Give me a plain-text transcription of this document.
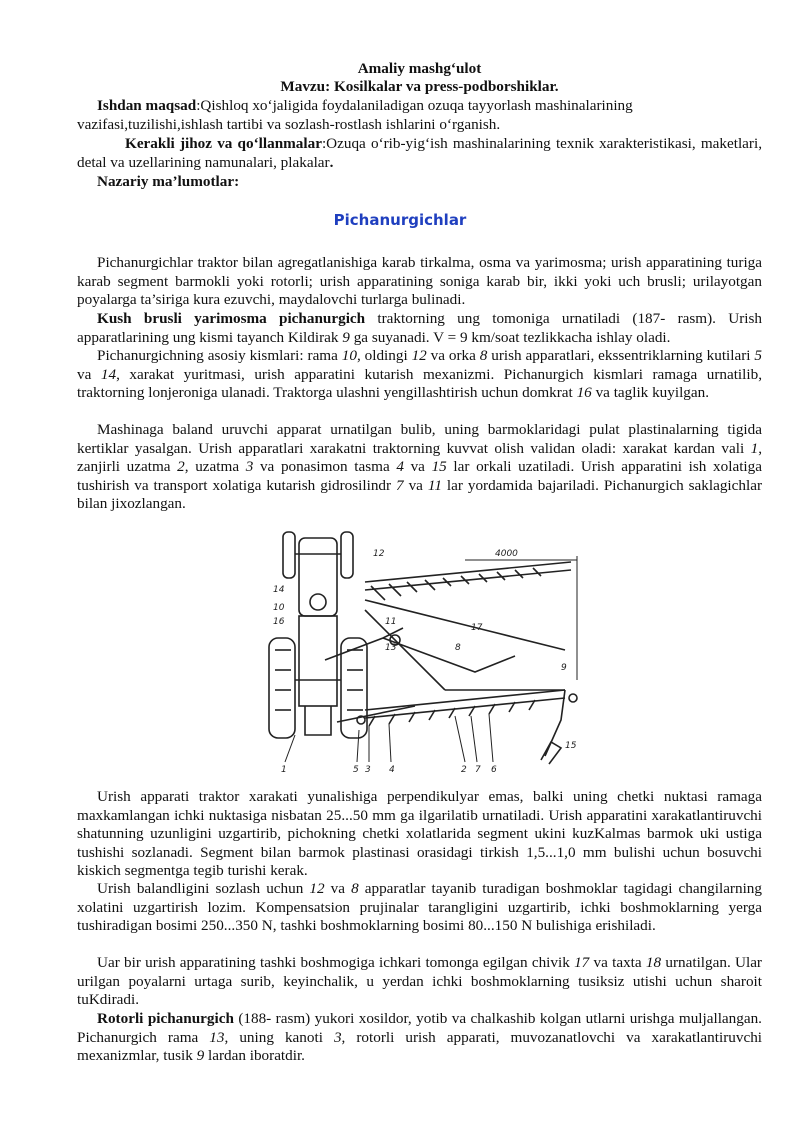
Amaliy mashg‘ulot
Mavzu: Kosilkalar va press-podborshiklar.
Ishdan maqsad:Qishloq xo‘jaligida foydalaniladigan ozuqa tayyorlash mashinalarining vazifasi,tuzilishi,ishlash tartibi va sozlash-rostlash ishlarini o‘rganish.
Kerakli jihoz va qo‘llanmalar:Ozuqa o‘rib-yig‘ish mashinalarining texnik xarakteristikasi, maketlari, detal va uzellarining namunalari, plakalar.
Nazariy ma’lumotlar:
Pichanurgichlar
Pichanurgichlar traktor bilan agregatlanishiga karab tirkalma, osma va yarimosma; urish apparatining turiga karab segment barmokli yoki rotorli; urish apparatining soniga karab bir, ikki yoki uch brusli; urilayotgan poyalarga ta’siriga kura ezuvchi, maydalovchi turlarga bulinadi.
Kush brusli yarimosma pichanurgich traktorning ung tomoniga urnatiladi (187- rasm). Urish apparatlarining ung kismi tayanch Kildirak 9 ga suyanadi. V = 9 km/soat tezlikkacha ishlay oladi.
Pichanurgichning asosiy kismlari: rama 10, oldingi 12 va orka 8 urish apparatlari, ekssentriklarning kutilari 5 va 14, xarakat yuritmasi, urish apparatini kutarish mexanizmi. Pichanurgich kismlari ramaga urnatilib, traktorning lonjeroniga ulanadi. Traktorga ulashni yengillashtirish uchun domkrat 16 va taglik kuyilgan.
Mashinaga baland uruvchi apparat urnatilgan bulib, uning barmoklaridagi pulat plastinalarning tigida kertiklar yasalgan. Urish apparatlari xarakatni traktorning kuvvat olish validan oladi: xarakat kardan vali 1, zanjirli uzatma 2, uzatma 3 va ponasimon tasma 4 va 15 lar orkali uzatiladi. Urish apparatini ish xolatiga tushirish va transport xolatiga kutarish gidrosilindr 7 va 11 lar yordamida bajariladi. Pichanurgich saklagichlar bilan jixozlangan.
12
14
10
16	11
17
13	8
9
15
1	5 3 4	2 7 6
4000
Urish apparati traktor xarakati yunalishiga perpendikulyar emas, balki uning chetki nuktasi ramaga maxkamlangan ichki nuktasiga nisbatan 25...50 mm ga ilgarilatib urnatiladi. Urish apparatini xarakatlantiruvchi shatunning uzunligini uzgartirib, pichokning chetki xolatlarida segment ukini kuzKalmas barmok uki ustiga tushishi sozlanadi. Segment bilan barmok plastinasi orasidagi tirkish 1,5...1,0 mm bulishi uchun bosuvchi kiskich segmentga tegib turishi kerak.
Urish balandligini sozlash uchun 12 va 8 apparatlar tayanib turadigan boshmoklar tagidagi changilarning xolatini uzgartirish lozim. Kompensatsion prujinalar tarangligini uzgartirib, ichki boshmoklarning yerga tushiradigan bosimi 250...350 N, tashki boshmoklarning bosimi 80...150 N bulishiga erishiladi.
Uar bir urish apparatining tashki boshmogiga ichkari tomonga egilgan chivik 17 va taxta 18 urnatilgan. Ular urilgan poyalarni urtaga surib, keyinchalik, u yerdan ichki boshmoklarning tusiksiz utishi uchun sharoit tuKdiradi.
Rotorli pichanurgich (188- rasm) yukori xosildor, yotib va chalkashib kolgan utlarni urishga muljallangan. Pichanurgich rama 13, uning kanoti 3, rotorli urish apparati, muvozanatlovchi va xarakatlantiruvchi mexanizmlar, tusik 9 lardan iboratdir.
